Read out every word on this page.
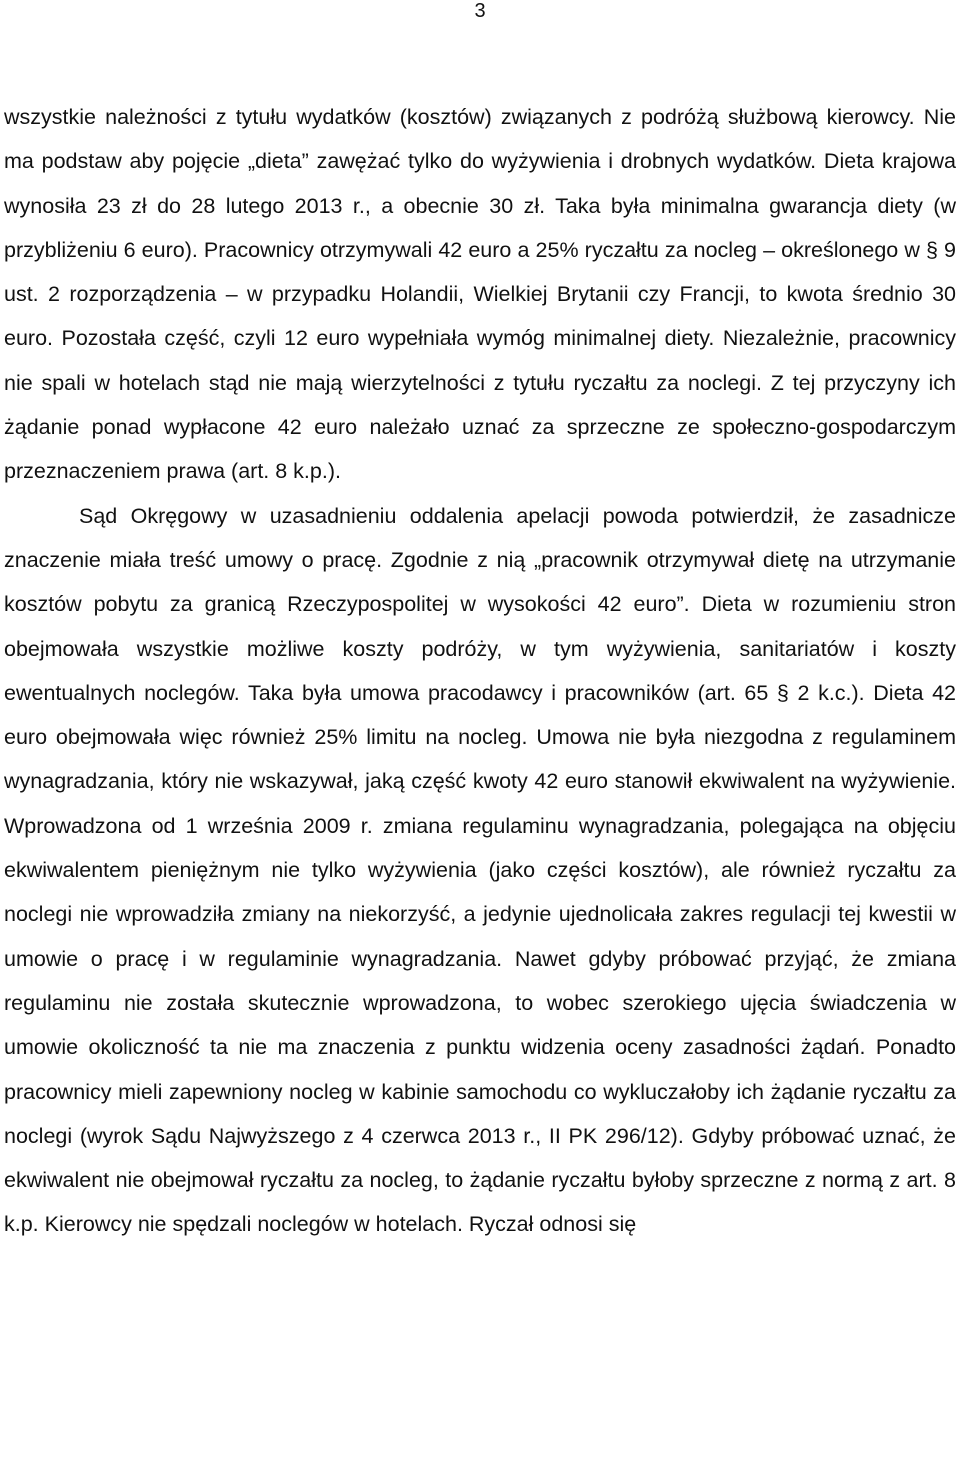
3

wszystkie należności z tytułu wydatków (kosztów) związanych z podróżą służbową kierowcy. Nie ma podstaw aby pojęcie „dieta” zawężać tylko do wyżywienia i drobnych wydatków. Dieta krajowa wynosiła 23 zł do 28 lutego 2013 r., a obecnie 30 zł. Taka była minimalna gwarancja diety (w przybliżeniu 6 euro). Pracownicy otrzymywali 42 euro a 25% ryczałtu za nocleg – określonego w § 9 ust. 2 rozporządzenia – w przypadku Holandii, Wielkiej Brytanii czy Francji, to kwota średnio 30 euro. Pozostała część, czyli 12 euro wypełniała wymóg minimalnej diety. Niezależnie, pracownicy nie spali w hotelach stąd nie mają wierzytelności z tytułu ryczałtu za noclegi. Z tej przyczyny ich żądanie ponad wypłacone 42 euro należało uznać za sprzeczne ze społeczno-gospodarczym przeznaczeniem prawa (art. 8 k.p.).

Sąd Okręgowy w uzasadnieniu oddalenia apelacji powoda potwierdził, że zasadnicze znaczenie miała treść umowy o pracę. Zgodnie z nią „pracownik otrzymywał dietę na utrzymanie kosztów pobytu za granicą Rzeczypospolitej w wysokości 42 euro”. Dieta w rozumieniu stron obejmowała wszystkie możliwe koszty podróży, w tym wyżywienia, sanitariatów i koszty ewentualnych noclegów. Taka była umowa pracodawcy i pracowników (art. 65 § 2 k.c.). Dieta 42 euro obejmowała więc również 25% limitu na nocleg. Umowa nie była niezgodna z regulaminem wynagradzania, który nie wskazywał, jaką część kwoty 42 euro stanowił ekwiwalent na wyżywienie. Wprowadzona od 1 września 2009 r. zmiana regulaminu wynagradzania, polegająca na objęciu ekwiwalentem pieniężnym nie tylko wyżywienia (jako części kosztów), ale również ryczałtu za noclegi nie wprowadziła zmiany na niekorzyść, a jedynie ujednolicała zakres regulacji tej kwestii w umowie o pracę i w regulaminie wynagradzania. Nawet gdyby próbować przyjąć, że zmiana regulaminu nie została skutecznie wprowadzona, to wobec szerokiego ujęcia świadczenia w umowie okoliczność ta nie ma znaczenia z punktu widzenia oceny zasadności żądań. Ponadto pracownicy mieli zapewniony nocleg w kabinie samochodu co wykluczałoby ich żądanie ryczałtu za noclegi (wyrok Sądu Najwyższego z 4 czerwca 2013 r., II PK 296/12). Gdyby próbować uznać, że ekwiwalent nie obejmował ryczałtu za nocleg, to żądanie ryczałtu byłoby sprzeczne z normą z art. 8 k.p. Kierowcy nie spędzali noclegów w hotelach. Ryczał odnosi się
